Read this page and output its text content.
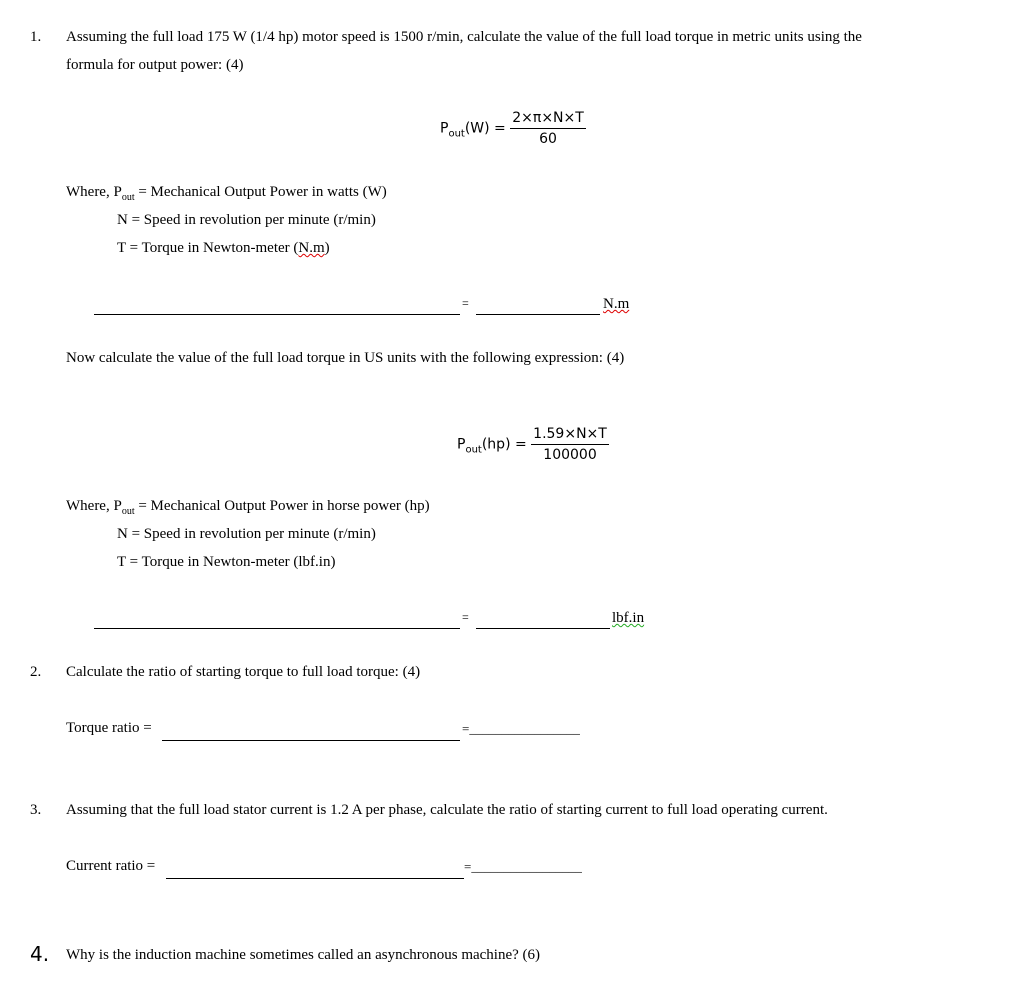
1. Assuming the full load 175 W (1/4 hp) motor speed is 1500 r/min, calculate the value of the full load torque in metric units using the
formula for output power: (4)
$P_{out}(W) = \frac{2\times\pi\times N\times T}{60}$
Where, $P_{out}$ = Mechanical Output Power in watts (W)
N = Speed in revolution per minute (r/min)
T = Torque in Newton-meter (N.m)
=	N.m
Now calculate the value of the full load torque in US units with the following expression: (4)
$P_{out}(hp) = \frac{1.59\times N\times T}{100000}$
Where, $P_{out}$ = Mechanical Output Power in horse power (hp)
N = Speed in revolution per minute (r/min)
T = Torque in Newton-meter (lbf.in)
=	lbf.in
2. Calculate the ratio of starting torque to full load torque: (4)
Torque ratio =	=_________________
3. Assuming that the full load stator current is 1.2 A per phase, calculate the ratio of starting current to full load operating current.
Current ratio =	=_________________
4. Why is the induction machine sometimes called an asynchronous machine? (6)
